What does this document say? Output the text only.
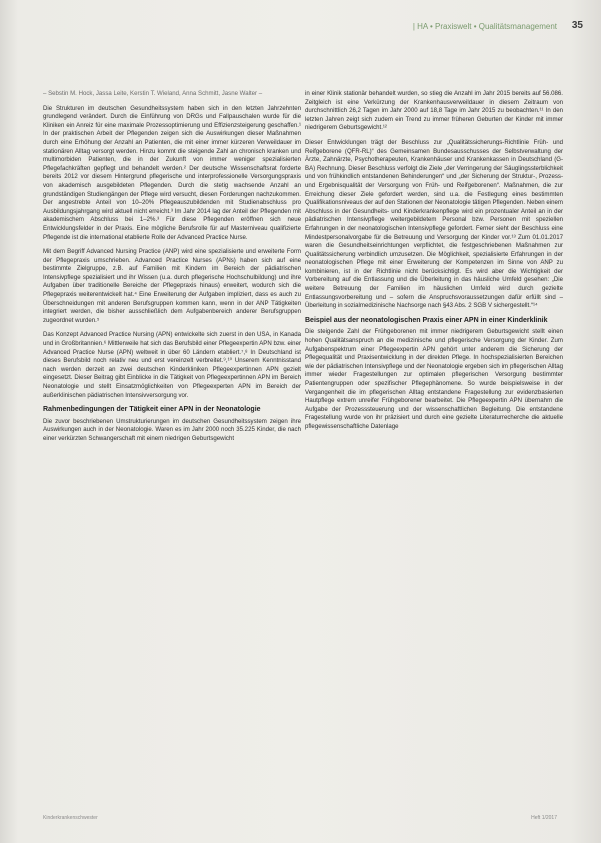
| HA • Praxiswelt • Qualitätsmanagement 35

– Sebstin M. Hock, Jassa Leite, Kerstin T. Wieland, Anna Schmitt, Jasne Walter –

Die Strukturen im deutschen Gesundheitssystem haben sich in den letzten Jahrzehnten grundlegend verändert. Durch die Einführung von DRGs und Fallpauschalen wurde für die Kliniken ein Anreiz für eine maximale Prozessoptimierung und Effizienzsteigerung geschaffen.¹ In der praktischen Arbeit der Pflegenden zeigen sich die Auswirkungen dieser Maßnahmen durch eine Erhöhung der Anzahl an Patienten, die mit einer immer kürzeren Verweildauer im stationären Alltag versorgt werden. Hinzu kommt die steigende Zahl an chronisch kranken und multimorbiden Patienten, die in der Zukunft von immer weniger spezialisierten Pflegefachkräften gepflegt und behandelt werden.² Der deutsche Wissenschaftsrat forderte bereits 2012 vor diesem Hintergrund pflegerische und interprofessionelle Versorgungspraxis von akademisch ausgebildeten Pflegenden. Durch die stetig wachsende Anzahl an grundständigen Studiengängen der Pflege wird versucht, diesen Forderungen nachzukommen. Der angestrebte Anteil von 10–20% Pflegeauszubildenden mit Studienabschluss pro Ausbildungsjahrgang wird aktuell nicht erreicht.³ Im Jahr 2014 lag der Anteil der Pflegenden mit akademischem Abschluss bei 1–2%.³ Für diese Pflegenden eröffnen sich neue Entwicklungsfelder in der Praxis. Eine mögliche Berufsrolle für auf Masterniveau qualifizierte Pflegende ist die international etablierte Rolle der Advanced Practice Nurse.

Mit dem Begriff Advanced Nursing Practice (ANP) wird eine spezialisierte und erweiterte Form der Pflegepraxis umschrieben. Advanced Practice Nurses (APNs) haben sich auf eine bestimmte Zielgruppe, z.B. auf Familien mit Kindern im Bereich der pädiatrischen Intensivpflege spezialisiert und ihr Wissen (u.a. durch pflegerische Hochschulbildung) und ihre Aufgaben über traditionelle Bereiche der Pflegepraxis hinaus) erweitert, wodurch sich die Pflegepraxis weiterentwickelt hat.⁴ Eine Erweiterung der Aufgaben impliziert, dass es auch zu Überschneidungen mit anderen Berufsgruppen kommen kann, wenn in der ANP Tätigkeiten integriert werden, die bisher ausschließlich dem Aufgabenbereich anderer Berufsgruppen zugeordnet wurden.⁵

Das Konzept Advanced Practice Nursing (APN) entwickelte sich zuerst in den USA, in Kanada und in Großbritannien.⁶ Mittlerweile hat sich das Berufsbild einer Pflegeexpertin APN bzw. einer Advanced Practice Nurse (APN) weltweit in über 60 Ländern etabliert.⁷,⁸ In Deutschland ist dieses Berufsbild noch relativ neu und erst vereinzelt verbreitet.⁹,¹⁰ Unserem Kenntnisstand nach werden derzeit an zwei deutschen Kinderkliniken Pflegeexpertinnen APN gezielt eingesetzt. Dieser Beitrag gibt Einblicke in die Tätigkeit von Pflegeexpertinnen APN im Bereich Neonatologie und stellt Einsatzmöglichkeiten von Pflegeexperten APN im Bereich der außerklinischen pädiatrischen Intensivversorgung vor.

Rahmenbedingungen der Tätigkeit einer APN in der Neonatologie

Die zuvor beschriebenen Umstrukturierungen im deutschen Gesundheitssystem zeigen ihre Auswirkungen auch in der Neonatologie. Waren es im Jahr 2000 noch 35.225 Kinder, die nach einer verkürzten Schwangerschaft mit einem niedrigen Geburtsgewicht

in einer Klinik stationär behandelt wurden, so stieg die Anzahl im Jahr 2015 bereits auf 56.086. Zeitgleich ist eine Verkürzung der Krankenhausverweildauer in diesem Zeitraum von durchschnittlich 26,2 Tagen im Jahr 2000 auf 18,8 Tage im Jahr 2015 zu beobachten.¹¹ In den letzten Jahren zeigt sich zudem ein Trend zu immer früheren Geburten der Kinder mit immer niedrigerem Geburtsgewicht.¹²

Dieser Entwicklungen trägt der Beschluss zur „Qualitätssicherungs-Richtlinie Früh- und Reifgeborene (QFR-RL)“ des Gemeinsamen Bundesausschusses der Selbstverwaltung der Ärzte, Zahnärzte, Psychotherapeuten, Krankenhäuser und Krankenkassen in Deutschland (G-BA) Rechnung. Dieser Beschluss verfolgt die Ziele „der Verringerung der Säuglingssterblichkeit und von frühkindlich entstandenen Behinderungen“ und „der Sicherung der Struktur-, Prozess- und Ergebnisqualität der Versorgung von Früh- und Reifgeborenen“. Maßnahmen, die zur Erreichung dieser Ziele gefordert werden, sind u.a. die Festlegung eines bestimmten Qualifikationsniveaus der auf den Stationen der Neonatologie tätigen Pflegenden. Neben einem Abschluss in der Gesundheits- und Kinderkrankenpflege wird ein prozentualer Anteil an in der pädiatrischen Intensivpflege weitergebildetem Personal bzw. Personen mit speziellen Erfahrungen in der neonatologischen Intensivpflege gefordert. Ferner sieht der Beschluss eine Mindestpersonalvorgabe für die Betreuung und Versorgung der Kinder vor.¹³ Zum 01.01.2017 waren die Gesundheitseinrichtungen verpflichtet, die festgeschriebenen Maßnahmen zur Qualitätssicherung verbindlich umzusetzen. Die Möglichkeit, spezialisierte Erfahrungen in der neonatologischen Pflege mit einer Erweiterung der Kompetenzen im Sinne von ANP zu kombinieren, ist in der Richtlinie nicht berücksichtigt. Es wird aber die Wichtigkeit der Vorbereitung auf die Entlassung und die Überleitung in das häusliche Umfeld gesehen: „Die weitere Betreuung der Familien im häuslichen Umfeld wird durch gezielte Entlassungsvorbereitung und – sofern die Anspruchsvoraussetzungen dafür erfüllt sind – Überleitung in sozialmedizinische Nachsorge nach §43 Abs. 2 SGB V sichergestellt.“¹⁴

Beispiel aus der neonatologischen Praxis einer APN in einer Kinderklinik

Die steigende Zahl der Frühgeborenen mit immer niedrigerem Geburtsgewicht stellt einen hohen Qualitätsanspruch an die medizinische und pflegerische Versorgung der Kinder. Zum Aufgabenspektrum einer Pflegeexpertin APN gehört unter anderem die Sicherung der Pflegequalität und Praxisentwicklung in der direkten Pflege. In hochspezialisierten Bereichen wie der pädiatrischen Intensivpflege und der Neonatologie ergeben sich im pflegerischen Alltag immer wieder Fragestellungen zur optimalen pflegerischen Versorgung bestimmter Patientengruppen oder spezifischer Pflegephänomene. So wurde beispielsweise in der Vergangenheit die im pflegerischen Alltag entstandene Fragestellung zur evidenzbasierten Hautpflege extrem unreifer Frühgeborener bearbeitet. Die Pflegeexpertin APN übernahm die Aufgabe der Prozesssteuerung und der wissenschaftlichen Begleitung. Die entstandene Fragestellung wurde von ihr präzisiert und durch eine gezielte Literaturrecherche die aktuelle pflegewissenschaftliche Datenlage

Kinderkrankenschwester	Heft 1/2017
